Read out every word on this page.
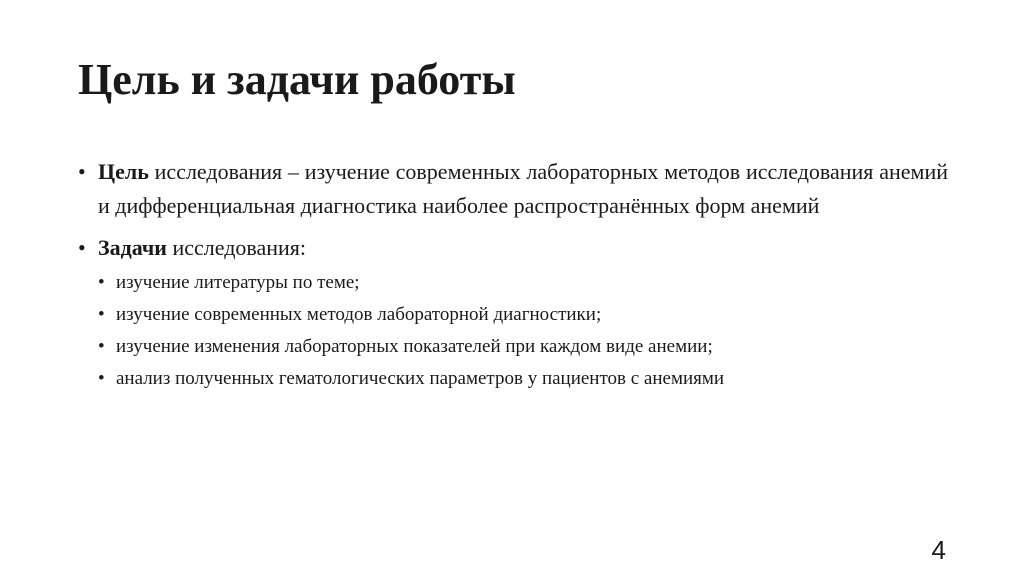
Цель и задачи работы

• Цель исследования – изучение современных лабораторных методов исследования анемий и дифференциальная диагностика наиболее распространённых форм анемий

• Задачи исследования:

• изучение литературы по теме;
• изучение современных методов лабораторной диагностики;
• изучение изменения лабораторных показателей при каждом виде анемии;
• анализ полученных гематологических параметров у пациентов с анемиями
4
